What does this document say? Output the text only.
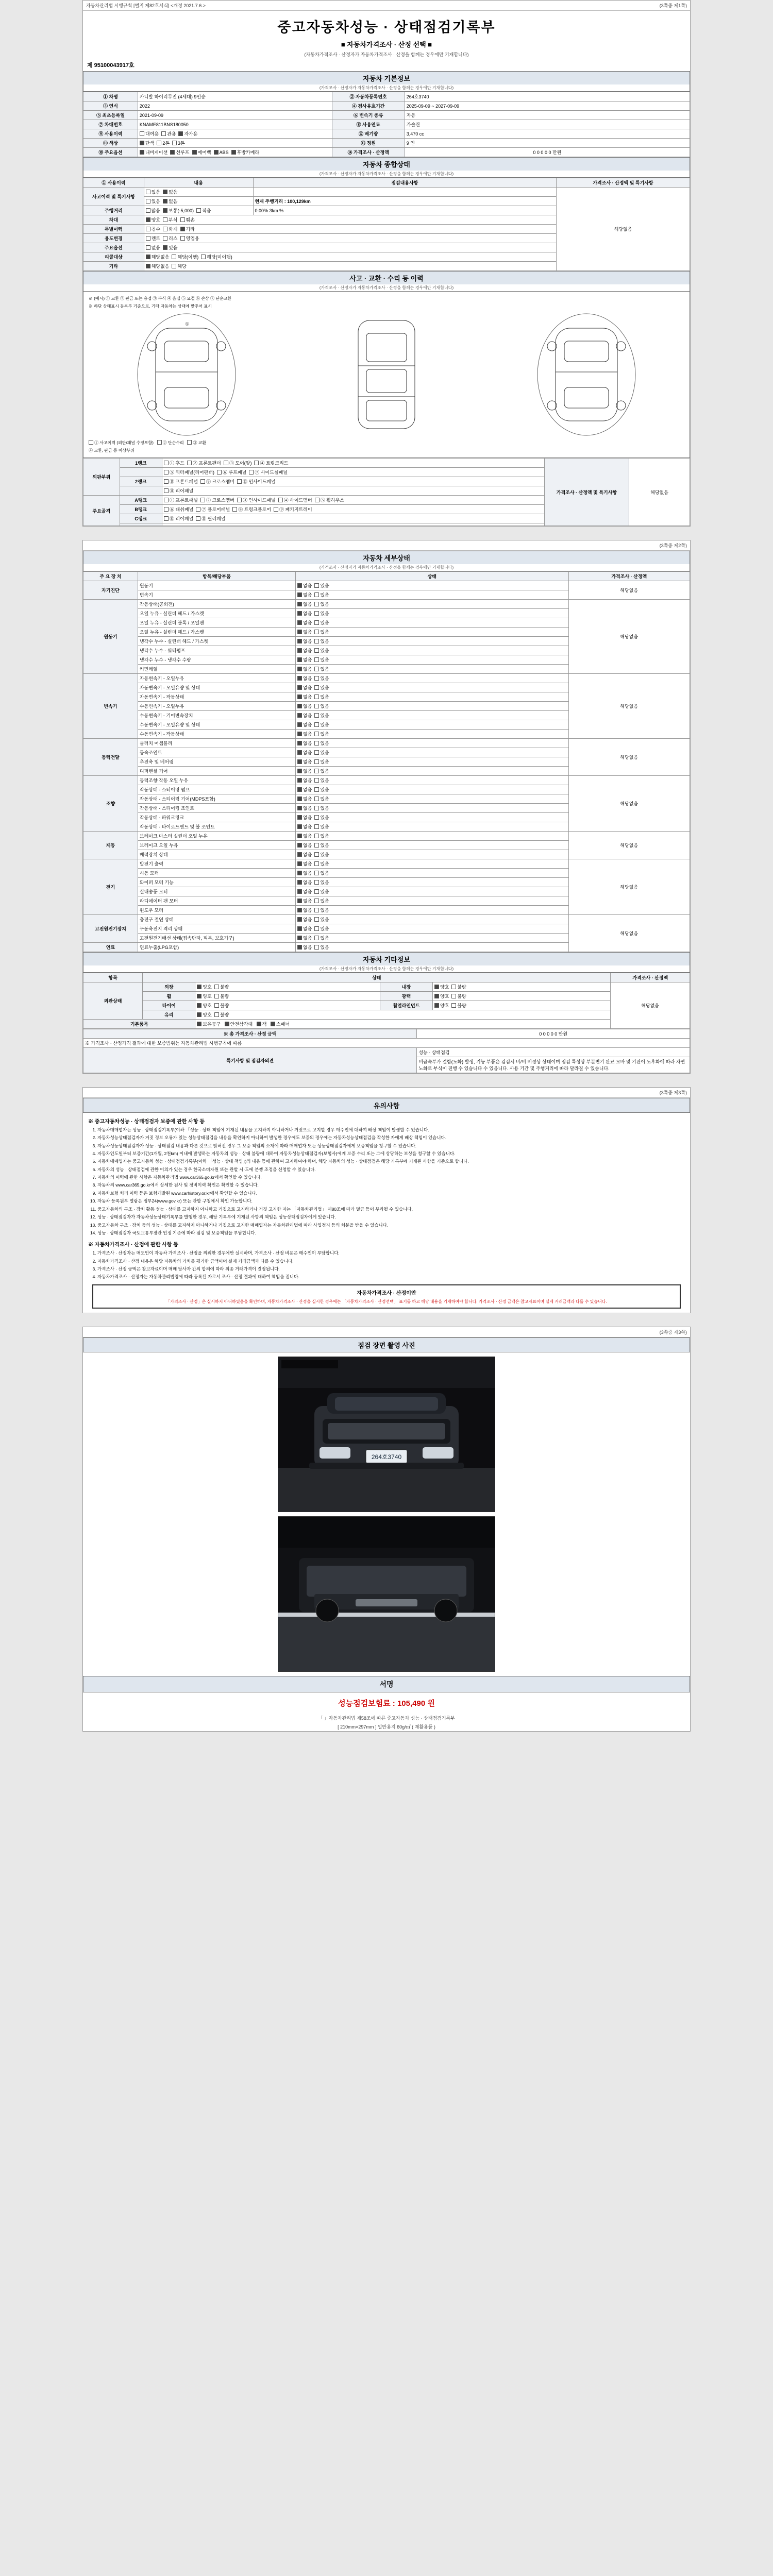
자동차관리법 시행규칙 [별지 제82호서식] <개정 2021.7.6.>	(3쪽중 제1쪽)
중고자동차성능 · 상태점검기록부
■ 자동차가격조사 · 산정 선택 ■
(자동차가격조사 · 산정자가 자동차가격조사 · 산정을 함께는 경우에만 기재합니다)
제 95100043917호
자동차 기본정보
(가격조사 · 산정자가 자동차가격조사 · 산정을 함께는 경우에만 기재합니다)
① 차명	카니발 하이리무진 (4세대) 9인승	② 자동차등록번호	264호3740
③ 연식	2022	④ 검사유효기간	2025-09-09 ~ 2027-09-09
⑤ 최초등록일	2021-09-09	⑥ 변속기 종류	자동
⑦ 차대번호	KNAME811BNS180050	⑧ 사용연료	가솔린
⑨ 사용이력	대여용 관용 자가용	⑫ 배기량	3,470 cc
⑪ 색상	단색 2톤 3톤	⑬ 정원	9 인
⑩ 주요옵션	내비게이션 선루프 에어백 ABS 후방카메라	⑭ 가격조사 · 산정액	0 0 0 0 0 만원
자동차 종합상태
(가격조사 · 산정자가 자동차가격조사 · 산정을 함께는 경우에만 기재합니다)
① 사용이력	내용	점검내용사항	가격조사 · 산정액 및 특기사항
사고이력 및 특기사항	있음 없음		해당없음
	있음 없음	현재 주행거리 : 100,129km	
주행거리	많음 보통(-5,000) 적음	0.00% 3km %	
차대	양호 부식 훼손		
특별이력	침수 화재 기타		
용도변경	렌트 리스 영업용		
주요옵션	없음 있음		
리콜대상	해당없음 해당(이행) 해당(미이행)		
기타	해당없음 해당		
사고 · 교환 · 수리 등 이력
(가격조사 · 산정자가 자동차가격조사 · 산정을 함께는 경우에만 기재합니다)
※ (예시) ① 교환 ② 판금 또는 용접 ③ 부식 ④ 흠집 ⑤ 요철 ⑥ 손상 ⑦ 단순교환
※ 하단 상태표시 등록부 기준으로, 기타 자동차는 상태에 맞추어 표시
①
① 사고이력 (외판/패널 수정포함) ② 단순수리 ③ 교환
④ 교환, 판금 등 이상부위
외판부위	1랭크	① 후드 ② 프론트팬더 ③ 도어(앞) ④ 트렁크리드	가격조사 · 산정액 및 특기사항	해당없음
		⑤ 쿼터패널(리어팬더) ⑥ 루프패널 ⑦ 사이드실패널		
	2랭크	⑧ 프론트패널 ⑨ 크로스멤버 ⑩ 인사이드패널		
		⑪ 리어패널		
주요골격	A랭크	① 프론트패널 ② 크로스멤버 ③ 인사이드패널 ④ 사이드멤버 ⑤ 휠하우스		
	B랭크	⑥ 대쉬패널 ⑦ 플로어패널 ⑧ 트렁크플로어 ⑨ 패키지트레이		
	C랭크	⑩ 리어패널 ⑪ 필러패널		

(3쪽중 제2쪽)
자동차 세부상태
(가격조사 · 산정자가 자동차가격조사 · 산정을 함께는 경우에만 기재합니다)
주 요 장 치	항목/해당부품	상태	가격조사 · 산정액
자기진단	원동기	없음 있음	해당없음
	변속기	없음 있음	
원동기	작동상태(공회전)	없음 있음	해당없음
	오일 누유 - 실린더 헤드 / 가스켓	없음 있음	
	오일 누유 - 실린더 블록 / 오일팬	없음 있음	
	오일 누유 - 실린더 헤드 / 가스켓	없음 있음	
	냉각수 누수 - 실린더 헤드 / 가스켓	없음 있음	
	냉각수 누수 - 워터펌프	없음 있음	
	냉각수 누수 - 냉각수 수량	없음 있음	
	커먼레일	없음 있음	
변속기	자동변속기 - 오일누유	없음 있음	해당없음
	자동변속기 - 오일유량 및 상태	없음 있음	
	자동변속기 - 작동상태	없음 있음	
	수동변속기 - 오일누유	없음 있음	
	수동변속기 - 기어변속장치	없음 있음	
	수동변속기 - 오일유량 및 상태	없음 있음	
	수동변속기 - 작동상태	없음 있음	
동력전달	클러치 어셈블리	없음 있음	해당없음
	등속조인트	없음 있음	
	추진축 및 베어링	없음 있음	
	디퍼렌셜 기어	없음 있음	
조향	동력조향 작동 오일 누유	없음 있음	해당없음
	작동상태 - 스티어링 펌프	없음 있음	
	작동상태 - 스티어링 기어(MDPS포함)	없음 있음	
	작동상태 - 스티어링 조인트	없음 있음	
	작동상태 - 파워크링크	없음 있음	
	작동상태 - 타이로드엔드 및 볼 조인트	없음 있음	
제동	브레이크 마스터 실린더 오일 누유	없음 있음	해당없음
	브레이크 오일 누유	없음 있음	
	배력장치 상태	없음 있음	
전기	발전기 출력	없음 있음	해당없음
	시동 모터	없음 있음	
	와이퍼 모터 기능	없음 있음	
	실내송풍 모터	없음 있음	
	라디에이터 팬 모터	없음 있음	
	윈도우 모터	없음 있음	
고전원전기장치	충전구 절연 상태	없음 있음	해당없음
	구동축전지 격리 상태	없음 있음	
	고전원전기배선 상태(접속단자, 피복, 보호기구)	없음 있음	
연료	연료누출(LPG포함)	없음 있음	
자동차 기타정보
(가격조사 · 산정자가 자동차가격조사 · 산정을 함께는 경우에만 기재합니다)
항목	상태				가격조사 · 산정액
외관상태	외장	양호 불량	내장	양호 불량	해당없음
	휠	양호 불량	광택	양호 불량	
	타이어	양호 불량	휠얼라인먼트	양호 불량	
	유리	양호 불량			
기본품목		보유공구 안전삼각대 잭 스패너			
※ 총 가격조사 · 산정 금액	0 0 0 0 0 만원
※ 가격조사 · 산정가격 결과에 대한 보증범위는 자동차관리법 시행규칙에 따름	
특기사항 및 점검자의견	성능 · 상태점검
	비금속부가 결함(노화) 발생, 기능 부품은 검검시 비/비 비정상 상태이며 점검 특성상 부분변기 완료 모바 및 기판이 노후화에 따라 자연노화로 부식이 진행 수 있습니다 수 있음니다. 사용 기간 및 주행거리에 따라 달라질 수 있습니다.
(3쪽중 제3쪽)
유의사항
※ 중고자동차성능 · 상태점검자 보증에 관한 사항 등
1. 자동차매매업자는 성능 · 상태점검기록부(이하 「성능 · 상태 책임에 기재된 내용을 고지하지 아니하거나 거짓으로 고지할 경우 매수인에 대하여 배상 책임이 발생할 수 있습니다.
2. 자동차성능상태점검자가 거짓 정보 오류가 있는 성능상태점검을 내용을 확인하지 아니하여 발생한 경우에도 보증의 경우에는 자동차성능상태점검을 작성한 자에게 배상 책임이 있습니다.
3. 자동차성능상태점검자가 성능 · 상태점검 내용과 다른 것으로 밝혀진 경우 그 보증 책임의 소재에 따라 매매업자 또는 성능상태점검자에게 보증책임을 청구할 수 있습니다.
4. 자동차인도일부터 보증기간(1개월, 2천km) 이내에 발생하는 자동차의 성능 · 상태 불량에 대하여 자동차성능상태점검자(보험사)에게 보증 수리 또는 그에 상당하는 보상을 청구할 수 있습니다.
5. 자동차매매업자는 중고자동차 성능 · 상태점검기록부(이하 「성능 · 상태 책임」)의 내용 등에 관하여 고지하여야 하며, 해당 자동차의 성능 · 상태점검은 해당 기록부에 기재된 사항을 기준으로 합니다.
6. 자동차의 성능 · 상태점검에 관한 이의가 있는 경우 한국소비자원 또는 관할 시·도에 분쟁 조정을 신청할 수 있습니다.
7. 자동차의 이력에 관한 사항은 자동차관리법 www.car365.go.kr에서 확인할 수 있습니다.
8. 자동차의 www.car365.go.kr에서 상세한 검사 및 정비이력 확인은 확인할 수 있습니다.
9. 자동차보험 처리 이력 등은 보험개발원 www.carhistory.or.kr에서 확인할 수 있습니다.
10. 자동차 등록원부 열람은 정부24(www.gov.kr) 또는 관할 구청에서 확인 가능합니다.
11. 중고자동차의 구조 · 장치 활동 성능 · 상태를 고지하지 아니하고 거짓으로 고지하거나 거짓 고지한 자는 「자동차관리법」 제80조에 따라 벌금 등이 부과될 수 있습니다.
12. 성능 · 상태점검자가 자동차성능상태기록부를 발행한 경우, 해당 기록부에 기재된 사항의 책임은 성능상태점검자에게 있습니다.
13. 중고자동차 구조 · 장치 등의 성능 · 상태를 고지하지 아니하거나 거짓으로 고지한 매매업자는 자동차관리법에 따라 사업정지 등의 처분을 받을 수 있습니다.
14. 성능 · 상태점검자 국토교통부장관 인정 기준에 따라 점검 및 보증책임을 부담합니다.
※ 자동차가격조사 · 산정에 관한 사항 등
1. 가격조사 · 산정자는 매도인이 자동차 가격조사 · 산정을 의뢰한 경우에만 실시하며, 가격조사 · 산정 비용은 매수인이 부담합니다.
2. 자동차가격조사 · 산정 내용은 해당 자동차의 가치를 평가한 금액이며 실제 거래금액과 다를 수 있습니다.
3. 가격조사 · 산정 금액은 참고자료이며 매매 당사자 간의 합의에 따라 최종 거래가격이 결정됩니다.
4. 자동차가격조사 · 산정자는 자동차관리법령에 따라 등록된 자로서 조사 · 산정 결과에 대하여 책임을 집니다.
자동차가격조사 · 산정이안
「가격조사 · 산정」은 실시하지 아니하였음을 확인하며, 자동차가격조사 · 산정을 실시한 경우에는 「자동차가격조사 · 산정선택」 표기를 하고 해당 내용을 기재하여야 합니다. 가격조사 · 산정 금액은 참고자료이며 실제 거래금액과 다를 수 있습니다.
(3쪽중 제3쪽)
점검 장면 촬영 사진
264호3740
서명
성능점검보험료 : 105,490 원
「 」자동차관리법 제58조에 따른 중고자동차 성능 · 상태점검기록부
[ 210mm×297mm ] 일반용지 60g/㎡ ( 재활용품 )
